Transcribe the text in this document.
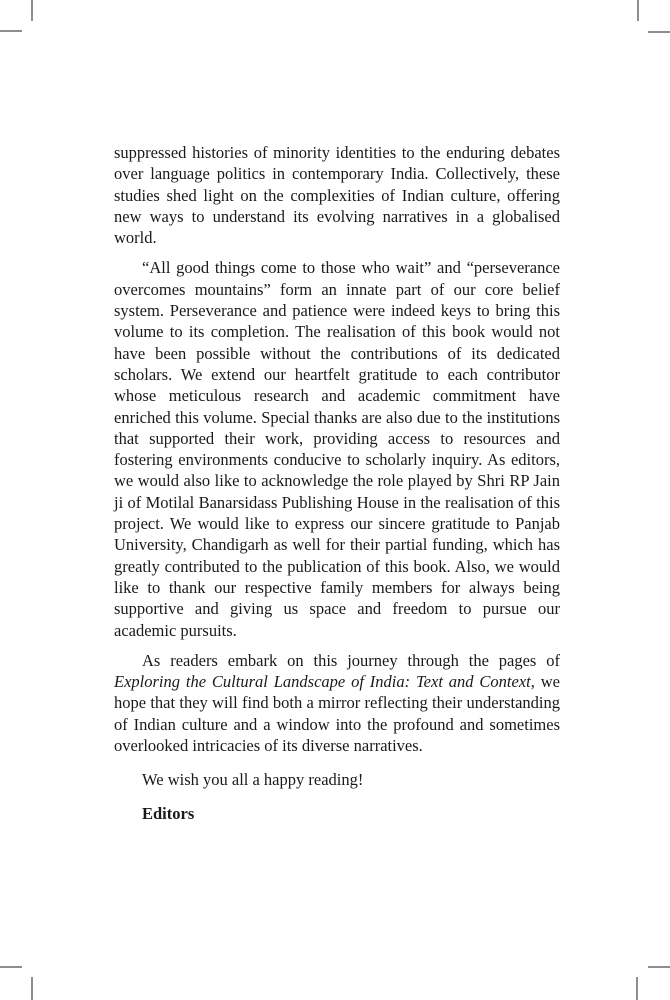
suppressed histories of minority identities to the enduring debates over language politics in contemporary India. Collectively, these studies shed light on the complexities of Indian culture, offering new ways to understand its evolving narratives in a globalised world.

“All good things come to those who wait” and “perseverance overcomes mountains” form an innate part of our core belief system. Perseverance and patience were indeed keys to bring this volume to its completion. The realisation of this book would not have been possible without the contributions of its dedicated scholars. We extend our heartfelt gratitude to each contributor whose meticulous research and academic commitment have enriched this volume. Special thanks are also due to the institutions that supported their work, providing access to resources and fostering environments conducive to scholarly inquiry. As editors, we would also like to acknowledge the role played by Shri RP Jain ji of Motilal Banarsidass Publishing House in the realisation of this project. We would like to express our sincere gratitude to Panjab University, Chandigarh as well for their partial funding, which has greatly contributed to the publication of this book. Also, we would like to thank our respective family members for always being supportive and giving us space and freedom to pursue our academic pursuits.

As readers embark on this journey through the pages of Exploring the Cultural Landscape of India: Text and Context, we hope that they will find both a mirror reflecting their understanding of Indian culture and a window into the profound and sometimes overlooked intricacies of its diverse narratives.

We wish you all a happy reading!

Editors
